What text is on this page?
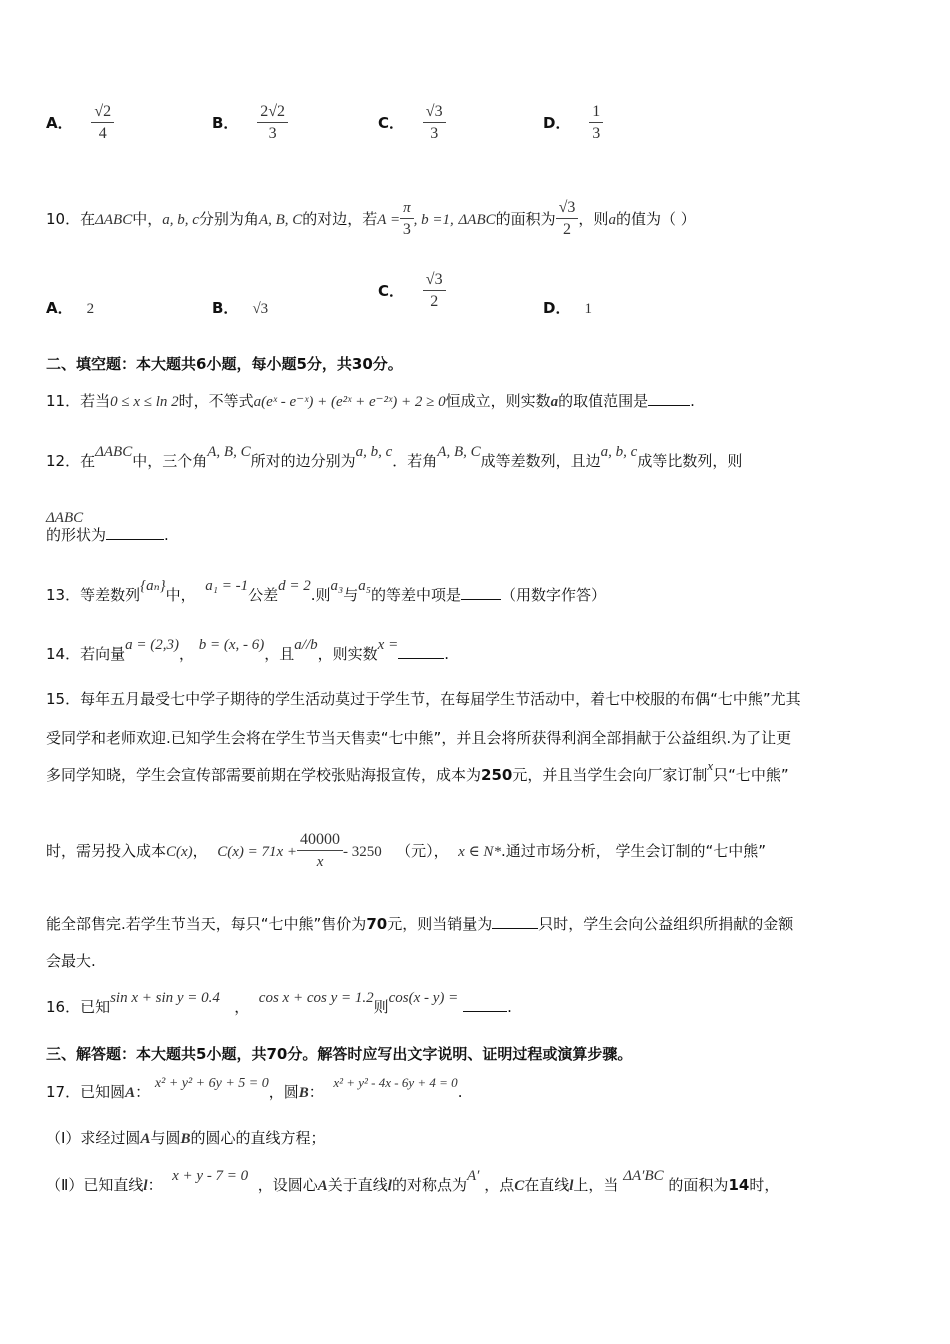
A． $\frac{√2}{4}$	B． $\frac{2√2}{3}$	C． $\frac{√3}{3}$	D． $\frac{1}{3}$
10．在ΔABC中，a, b, c分别为角A, B, C的对边，若$A = \frac{\pi}{3}$ , b =1, ΔABC的面积为 $\frac{√3}{2}$ ，则a的值为（ ）
A． 2	B． √3
C． $\frac{√3}{2}$	D． 1
二、填空题：本大题共6小题，每小题5分，共30分。
11．若当0 ≤ x ≤ ln 2时，不等式a(eˣ - e⁻ˣ) + (e²ˣ + e⁻²ˣ) + 2 ≥ 0恒成立，则实数a的取值范围是	.
12．在ΔABC中，三个角A, B, C所对的边分别为a, b, c．若角A, B, C成等差数列，且边a, b, c成等比数列，则
ΔABC

的形状为	.
13．等差数列{aₙ}中， a₁ = -1公差d = 2.则a₃与a₅的等差中项是	（用数字作答）
14．若向量a = (2,3)， b = (x, - 6)，且a//b，则实数x =	.
15．每年五月最受七中学子期待的学生活动莫过于学生节，在每届学生节活动中，着七中校服的布偶“七中熊”尤其
受同学和老师欢迎.已知学生会将在学生节当天售卖“七中熊”，并且会将所获得利润全部捐献于公益组织.为了让更
多同学知晓，学生会宣传部需要前期在学校张贴海报宣传，成本为250元，并且当学生会向厂家订制x只“七中熊”
时，需另投入成本C(x)， $C(x) = 71x + \frac{40000}{x} - 3250$ （元）， x ∈ N*.通过市场分析， 学生会订制的“七中熊”
能全部售完.若学生节当天，每只“七中熊”售价为70元，则当销量为	只时，学生会向公益组织所捐献的金额
会最大.
16．已知sin x + sin y = 0.4 ， cos x + cos y = 1.2则cos(x - y) =	.
三、解答题：本大题共5小题，共70分。解答时应写出文字说明、证明过程或演算步骤。
17．已知圆A： x² + y² + 6y + 5 = 0，圆B：  x² + y² - 4x - 6y + 4 = 0.
（Ⅰ）求经过圆A与圆B的圆心的直线方程；
（Ⅱ）已知直线l： x + y - 7 = 0 ，设圆心A关于直线l的对称点为A′ ，点C在直线l上，当 ΔA′BC 的面积为14时，
